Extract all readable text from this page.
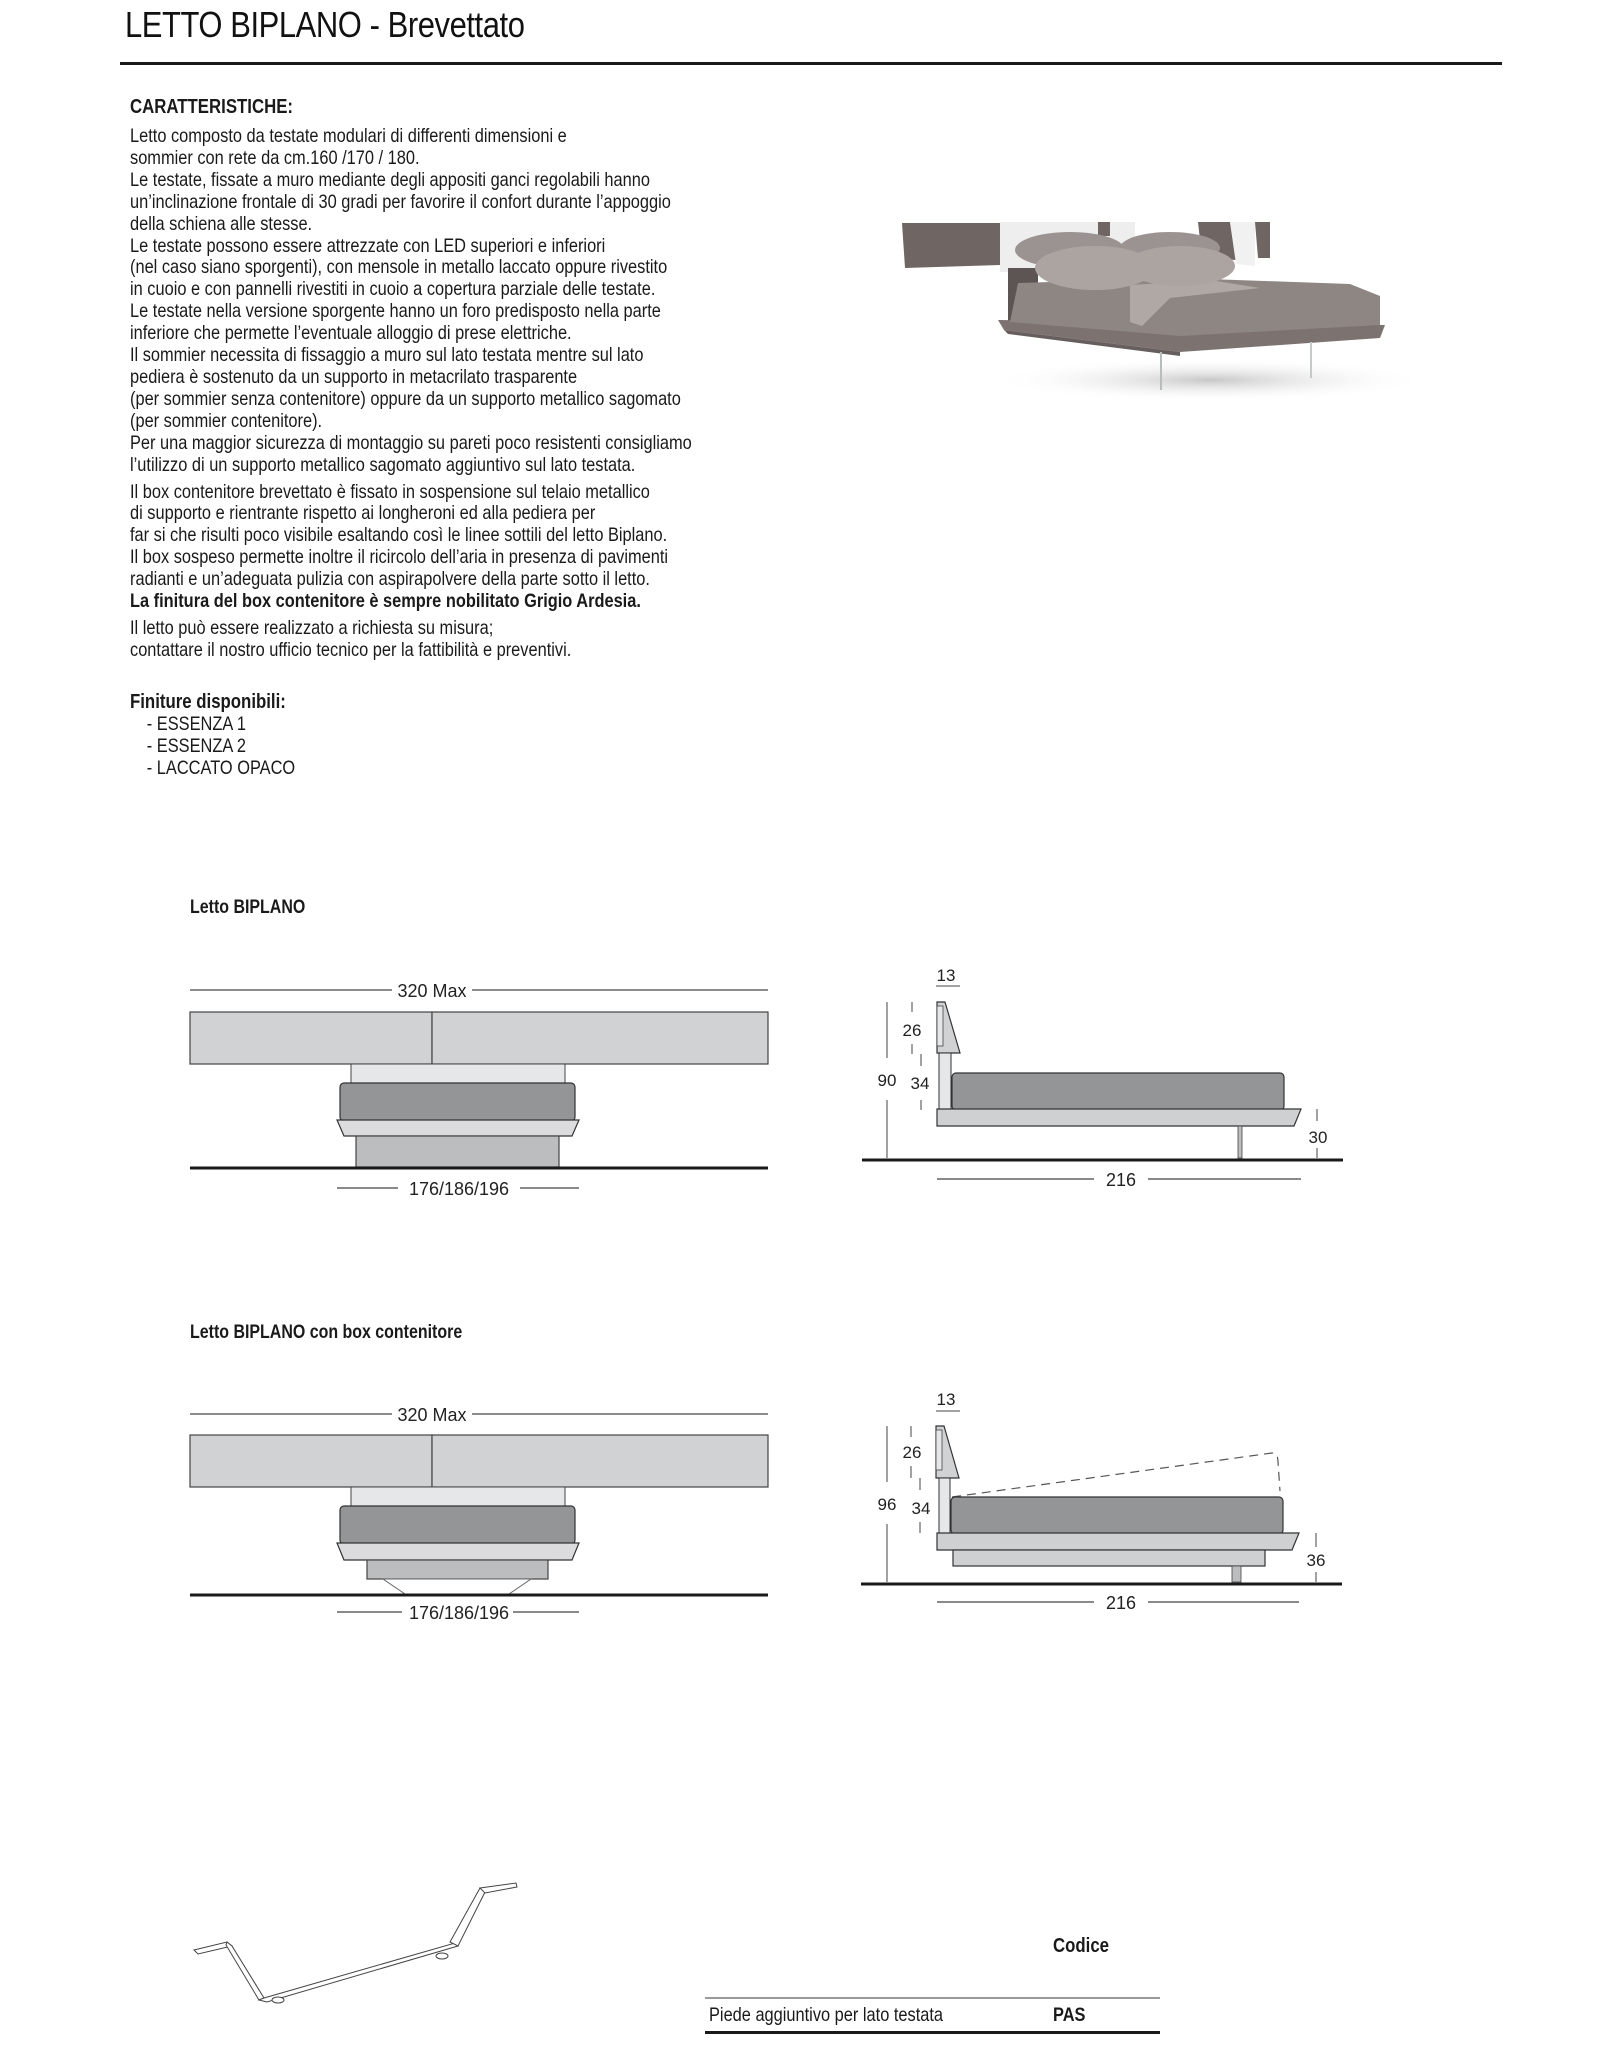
LETTO BIPLANO - Brevettato
CARATTERISTICHE:
Letto composto da testate modulari di differenti dimensioni e
sommier con rete da cm.160 /170 / 180.
Le testate, fissate a muro mediante degli appositi ganci regolabili hanno
un’inclinazione frontale di 30 gradi per favorire il confort durante l’appoggio
della schiena alle stesse.
Le testate possono essere attrezzate con LED superiori e inferiori
(nel caso siano sporgenti), con mensole in metallo laccato oppure rivestito
in cuoio e con pannelli rivestiti in cuoio a copertura parziale delle testate.
Le testate nella versione sporgente hanno un foro predisposto nella parte
inferiore che permette l’eventuale alloggio di prese elettriche.
Il sommier necessita di fissaggio a muro sul lato testata mentre sul lato
pediera è sostenuto da un supporto in metacrilato trasparente
(per sommier senza contenitore) oppure da un supporto metallico sagomato
(per sommier contenitore).
Per una maggior sicurezza di montaggio su pareti poco resistenti consigliamo
l’utilizzo di un supporto metallico sagomato aggiuntivo sul lato testata.
Il box contenitore brevettato è fissato in sospensione sul telaio metallico
di supporto e rientrante rispetto ai longheroni ed alla pediera per
far si che risulti poco visibile esaltando così le linee sottili del letto Biplano.
Il box sospeso permette inoltre il ricircolo dell’aria in presenza di pavimenti
radianti e un’adeguata pulizia con aspirapolvere della parte sotto il letto.
La finitura del box contenitore è sempre nobilitato Grigio Ardesia.
Il letto può essere realizzato a richiesta su misura;
contattare il nostro ufficio tecnico per la fattibilità e preventivi.
Finiture disponibili:
- ESSENZA 1
- ESSENZA 2
- LACCATO OPACO
Letto BIPLANO
320 Max
176/186/196
13
90
26
34
30
216
Letto BIPLANO con box contenitore
320 Max
176/186/196
13
96
26
34
36
216
Codice
Piede aggiuntivo per lato testata	PAS
